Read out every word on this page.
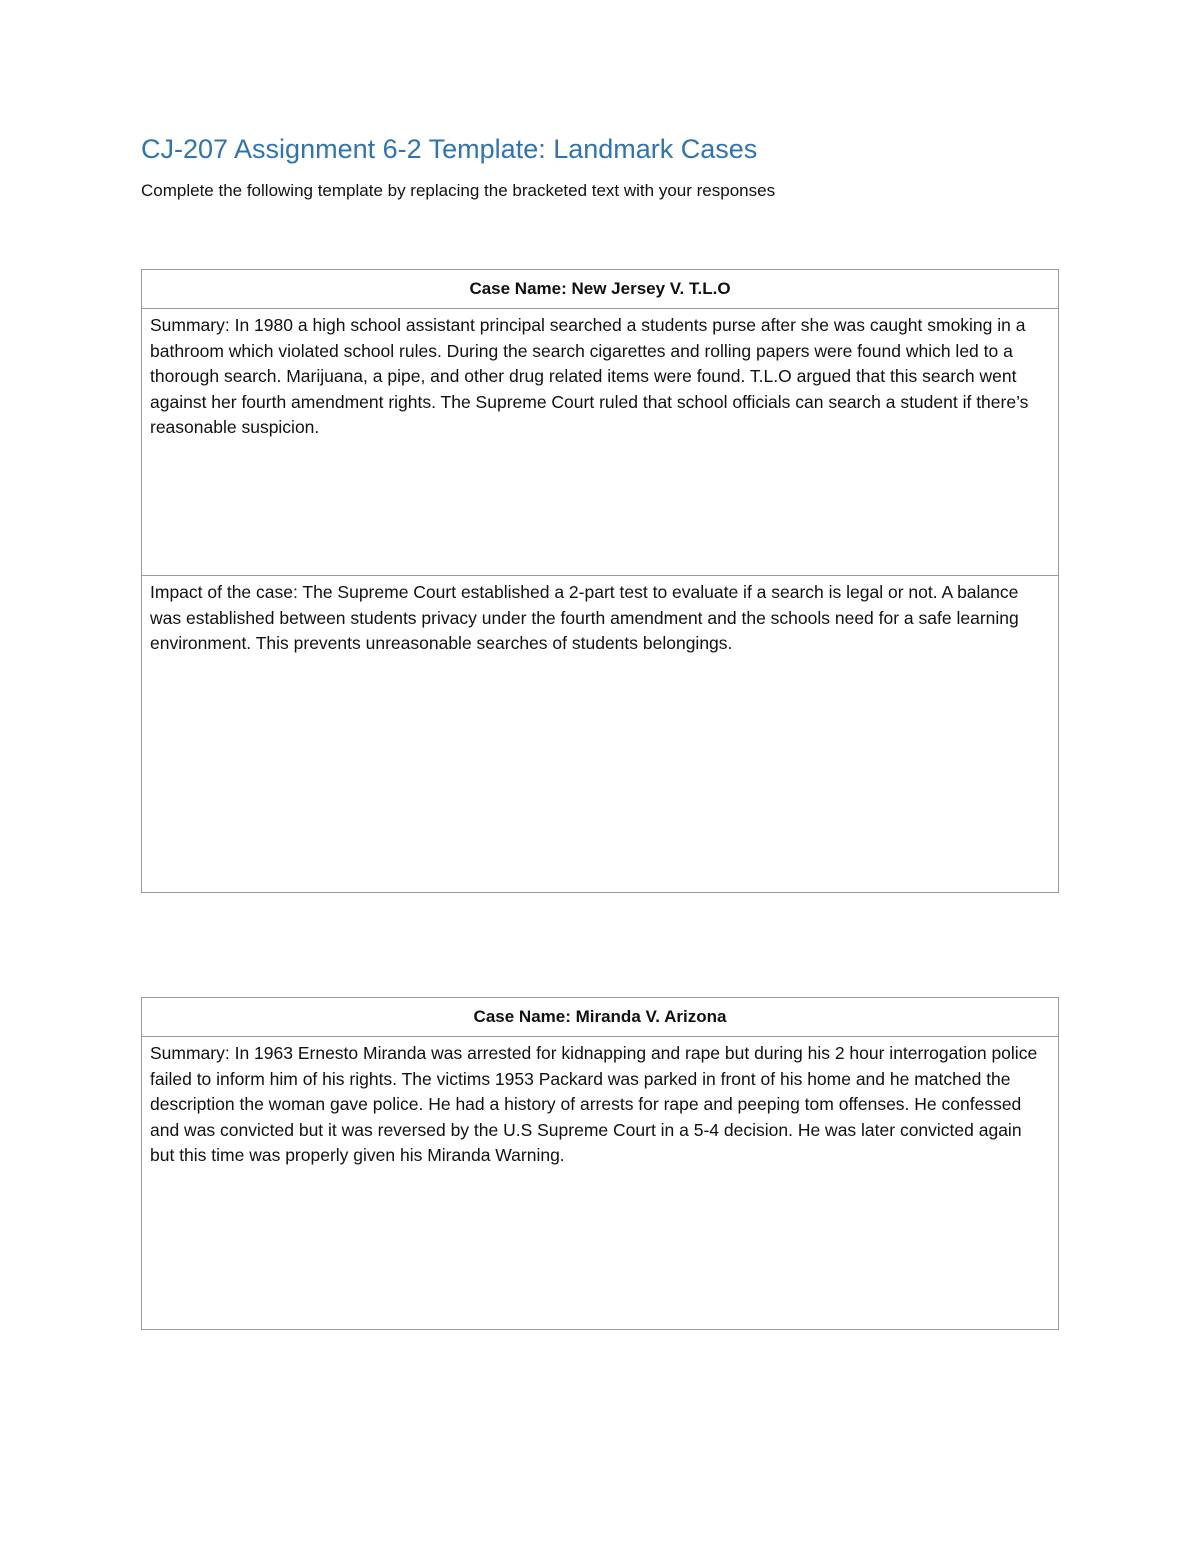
CJ-207 Assignment 6-2 Template: Landmark Cases

Complete the following template by replacing the bracketed text with your responses

Case Name: New Jersey V. T.L.O

Summary: In 1980 a high school assistant principal searched a students purse after she was caught smoking in a bathroom which violated school rules. During the search cigarettes and rolling papers were found which led to a thorough search. Marijuana, a pipe, and other drug related items were found. T.L.O argued that this search went against her fourth amendment rights. The Supreme Court ruled that school officials can search a student if there’s reasonable suspicion.

Impact of the case: The Supreme Court established a 2-part test to evaluate if a search is legal or not. A balance was established between students privacy under the fourth amendment and the schools need for a safe learning environment. This prevents unreasonable searches of students belongings.
Case Name: Miranda V. Arizona

Summary: In 1963 Ernesto Miranda was arrested for kidnapping and rape but during his 2 hour interrogation police failed to inform him of his rights. The victims 1953 Packard was parked in front of his home and he matched the description the woman gave police. He had a history of arrests for rape and peeping tom offenses. He confessed and was convicted but it was reversed by the U.S Supreme Court in a 5-4 decision. He was later convicted again but this time was properly given his Miranda Warning.
